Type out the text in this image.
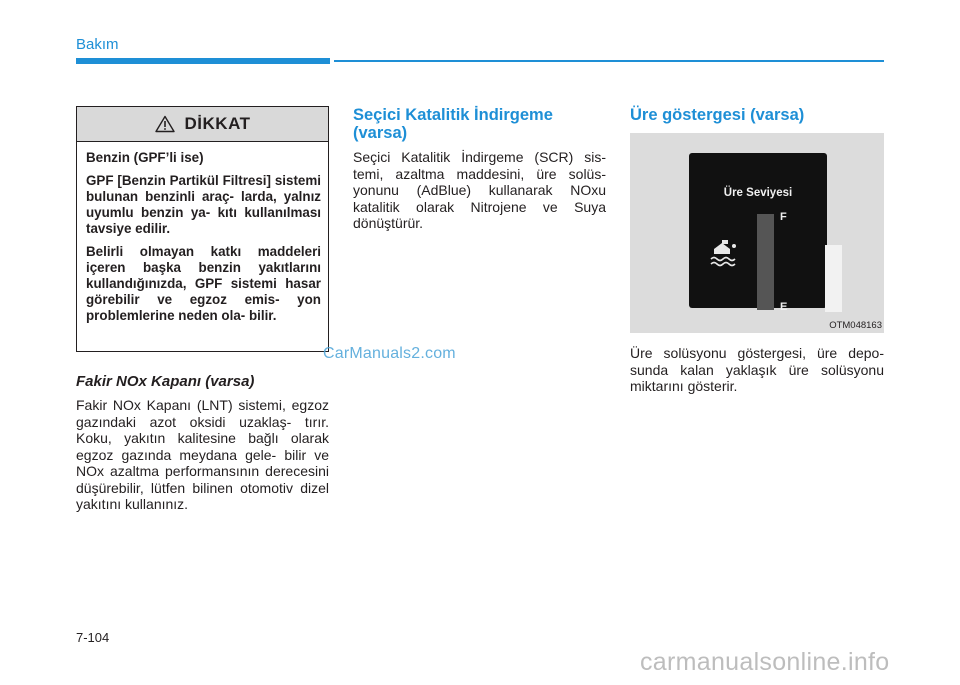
Bakım
DİKKAT

Benzin (GPF’li ise)

GPF [Benzin Partikül Filtresi] sistemi bulunan benzinli araç- larda, yalnız uyumlu benzin ya- kıtı kullanılması tavsiye edilir.

Belirli olmayan katkı maddeleri içeren başka benzin yakıtlarını kullandığınızda, GPF sistemi hasar görebilir ve egzoz emis- yon problemlerine neden ola- bilir.

CarManuals2.com
Fakir NOx Kapanı (varsa)
Fakir NOx Kapanı (LNT) sistemi, egzoz gazındaki azot oksidi uzaklaş- tırır. Koku, yakıtın kalitesine bağlı olarak egzoz gazında meydana gele- bilir ve NOx azaltma performansının derecesini düşürebilir, lütfen bilinen otomotiv dizel yakıtını kullanınız.
Seçici Katalitik İndirgeme (varsa)
Seçici Katalitik İndirgeme (SCR) sis- temi, azaltma maddesini, üre solüs- yonunu (AdBlue) kullanarak NOxu katalitik olarak Nitrojene ve Suya dönüştürür.
Üre göstergesi (varsa)
Üre Seviyesi
F
E
OTM048163
Üre solüsyonu göstergesi, üre depo- sunda kalan yaklaşık üre solüsyonu miktarını gösterir.
7-104
carmanualsonline.info
